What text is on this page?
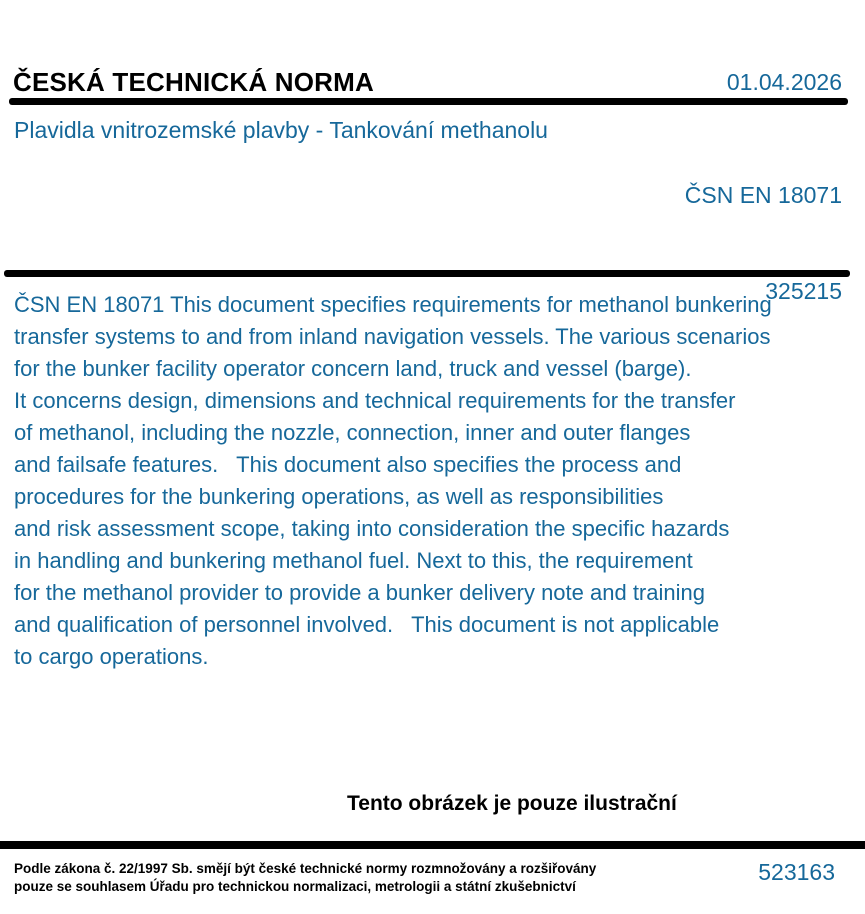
ČESKÁ TECHNICKÁ NORMA	01.04.2026
Plavidla vnitrozemské plavby - Tankování methanolu

ČSN EN 18071

325215

ČSN EN 18071 This document specifies requirements for methanol bunkering
transfer systems to and from inland navigation vessels. The various scenarios
for the bunker facility operator concern land, truck and vessel (barge).
It concerns design, dimensions and technical requirements for the transfer
of methanol, including the nozzle, connection, inner and outer flanges
and failsafe features.   This document also specifies the process and
procedures for the bunkering operations, as well as responsibilities
and risk assessment scope, taking into consideration the specific hazards
in handling and bunkering methanol fuel. Next to this, the requirement
for the methanol provider to provide a bunker delivery note and training
and qualification of personnel involved.   This document is not applicable
to cargo operations.
Tento obrázek je pouze ilustrační
Podle zákona č. 22/1997 Sb. smějí být české technické normy rozmnožovány a rozšiřovány
pouze se souhlasem Úřadu pro technickou normalizaci, metrologii a státní zkušebnictví
523163
